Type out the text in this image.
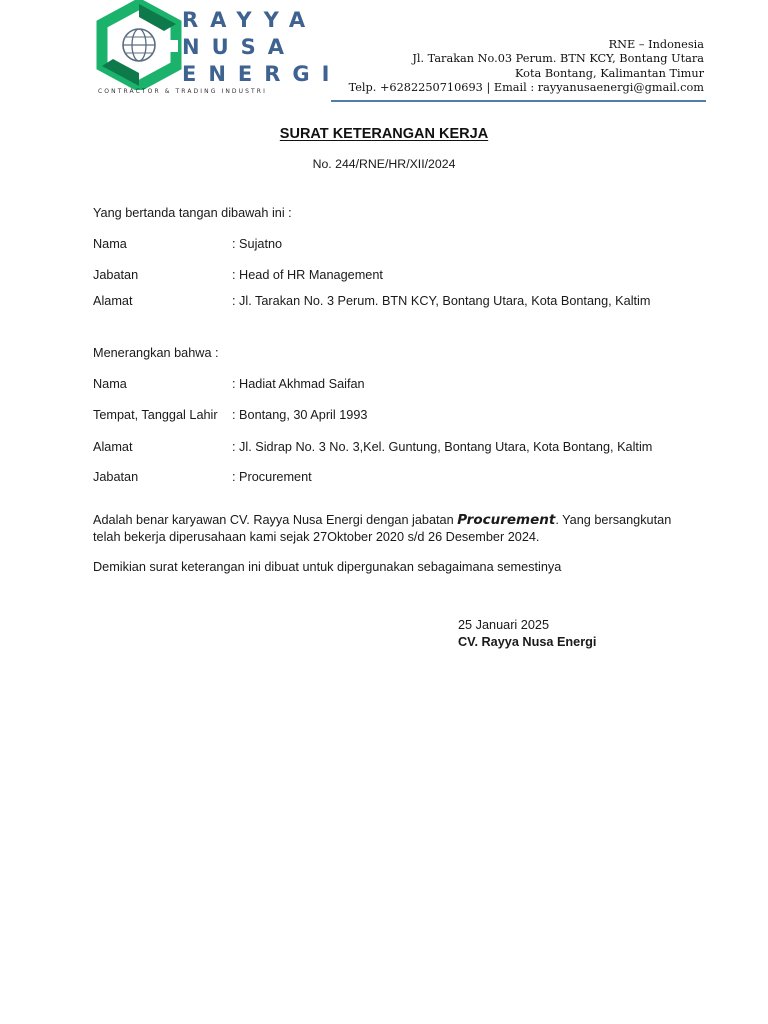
RAYYA
NUSA
ENERGI
CONTRACTOR & TRADING INDUSTRI
RNE – Indonesia
Jl. Tarakan No.03 Perum. BTN KCY, Bontang Utara
Kota Bontang, Kalimantan Timur
Telp. +6282250710693 | Email : rayyanusaenergi@gmail.com
SURAT KETERANGAN KERJA
No. 244/RNE/HR/XII/2024
Yang bertanda tangan dibawah ini :
Nama	: Sujatno
Jabatan	: Head of HR Management
Alamat	: Jl. Tarakan No. 3 Perum. BTN KCY, Bontang Utara, Kota Bontang, Kaltim
Menerangkan bahwa :
Nama	: Hadiat Akhmad Saifan
Tempat, Tanggal Lahir : Bontang, 30 April 1993
Alamat	: Jl. Sidrap No. 3 No. 3,Kel. Guntung, Bontang Utara, Kota Bontang, Kaltim
Jabatan	: Procurement
Adalah benar karyawan CV. Rayya Nusa Energi dengan jabatan Procurement. Yang bersangkutan telah bekerja diperusahaan kami sejak 27Oktober 2020 s/d 26 Desember 2024.
Demikian surat keterangan ini dibuat untuk dipergunakan sebagaimana semestinya
25 Januari 2025
CV. Rayya Nusa Energi
